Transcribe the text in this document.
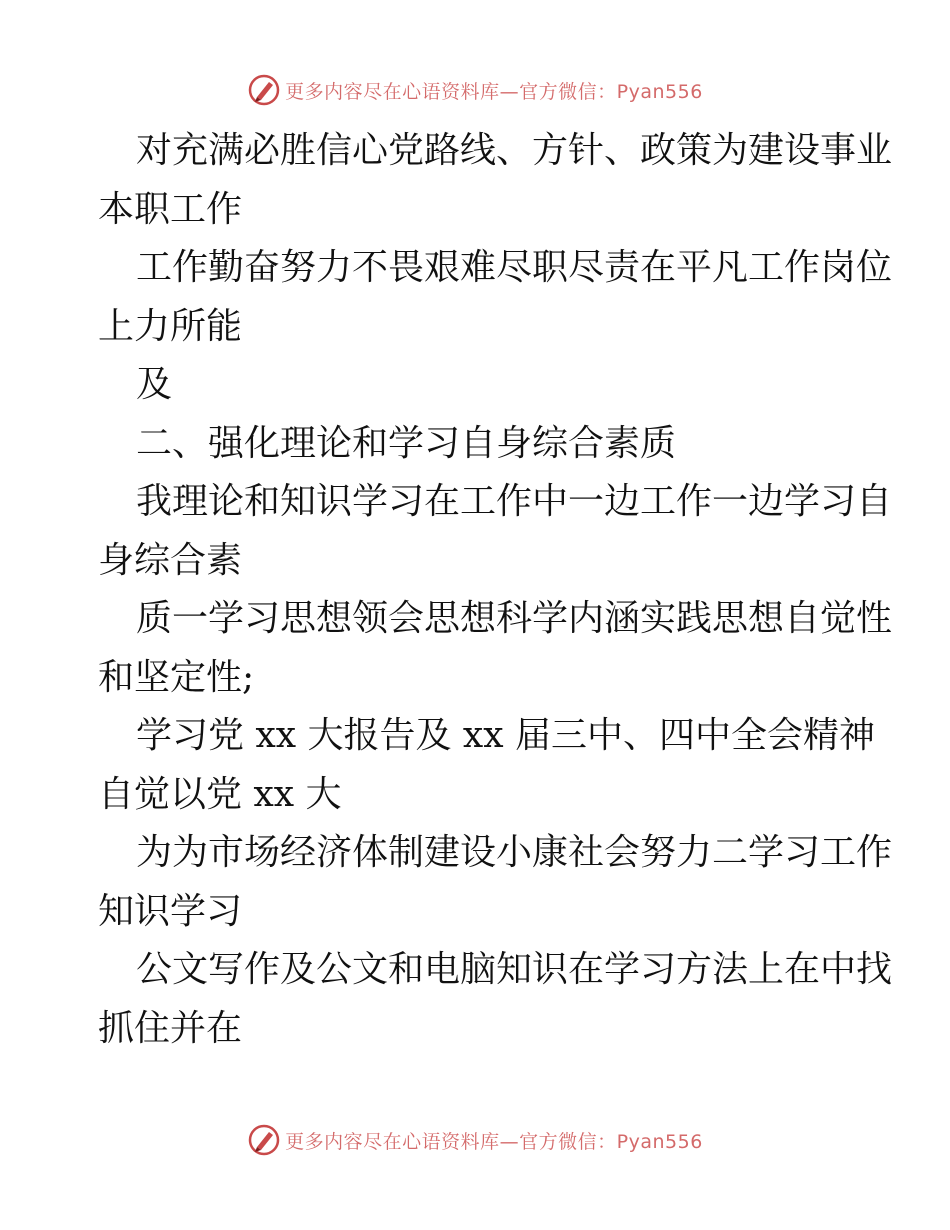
更多内容尽在心语资料库—官方微信：Pyan556
对充满必胜信心党路线、方针、政策为建设事业
本职工作
工作勤奋努力不畏艰难尽职尽责在平凡工作岗位
上力所能
及
二、强化理论和学习自身综合素质
我理论和知识学习在工作中一边工作一边学习自
身综合素
质一学习思想领会思想科学内涵实践思想自觉性
和坚定性;
学习党 xx 大报告及 xx 届三中、四中全会精神
自觉以党 xx 大
为为市场经济体制建设小康社会努力二学习工作
知识学习
公文写作及公文和电脑知识在学习方法上在中找
抓住并在
更多内容尽在心语资料库—官方微信：Pyan556
